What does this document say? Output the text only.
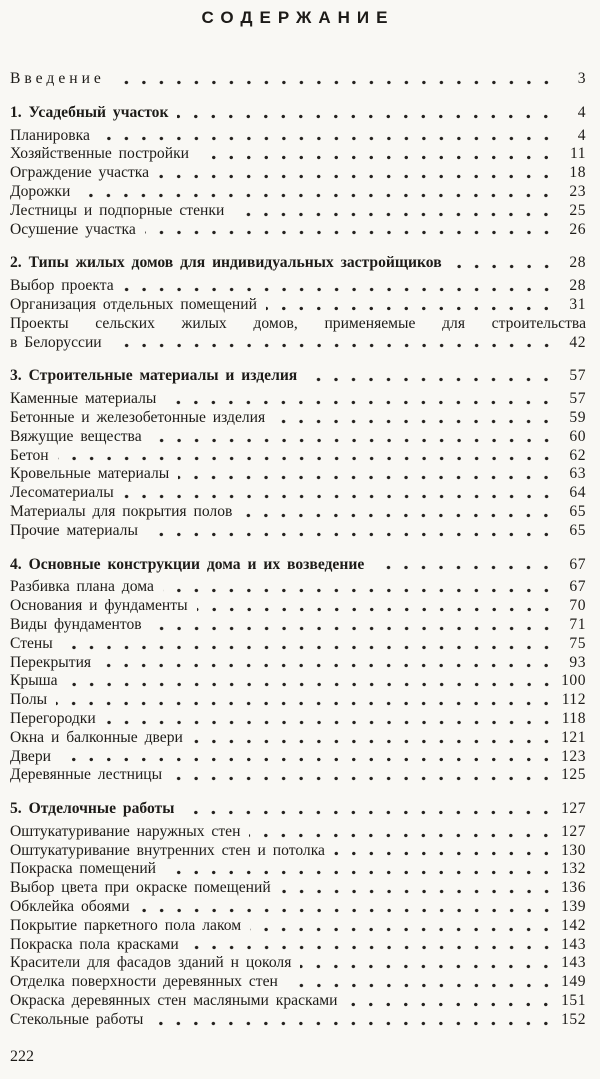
СОДЕРЖАНИЕ
Введение	3
1. Усадебный участок	4
Планировка	4
Хозяйственные постройки	11
Ограждение участка	18
Дорожки	23
Лестницы и подпорные стенки	25
Осушение участка	26
2. Типы жилых домов для индивидуальных застройщиков	28
Выбор проекта	28
Организация отдельных помещений	31
Проекты сельских жилых домов, применяемые для строительства
в Белоруссии	42
3. Строительные материалы и изделия	57
Каменные материалы	57
Бетонные и железобетонные изделия	59
Вяжущие вещества	60
Бетон	62
Кровельные материалы	63
Лесоматериалы	64
Материалы для покрытия полов	65
Прочие материалы	65
4. Основные конструкции дома и их возведение	67
Разбивка плана дома	67
Основания и фундаменты	70
Виды фундаментов	71
Стены	75
Перекрытия	93
Крыша	100
Полы	112
Перегородки	118
Окна и балконные двери	121
Двери	123
Деревянные лестницы	125
5. Отделочные работы	127
Оштукатуривание наружных стен	127
Оштукатуривание внутренних стен и потолка	130
Покраска помещений	132
Выбор цвета при окраске помещений	136
Обклейка обоями	139
Покрытие паркетного пола лаком	142
Покраска пола красками	143
Красители для фасадов зданий н цоколя	143
Отделка поверхности деревянных стен	149
Окраска деревянных стен масляными красками	151
Стекольные работы	152
222
